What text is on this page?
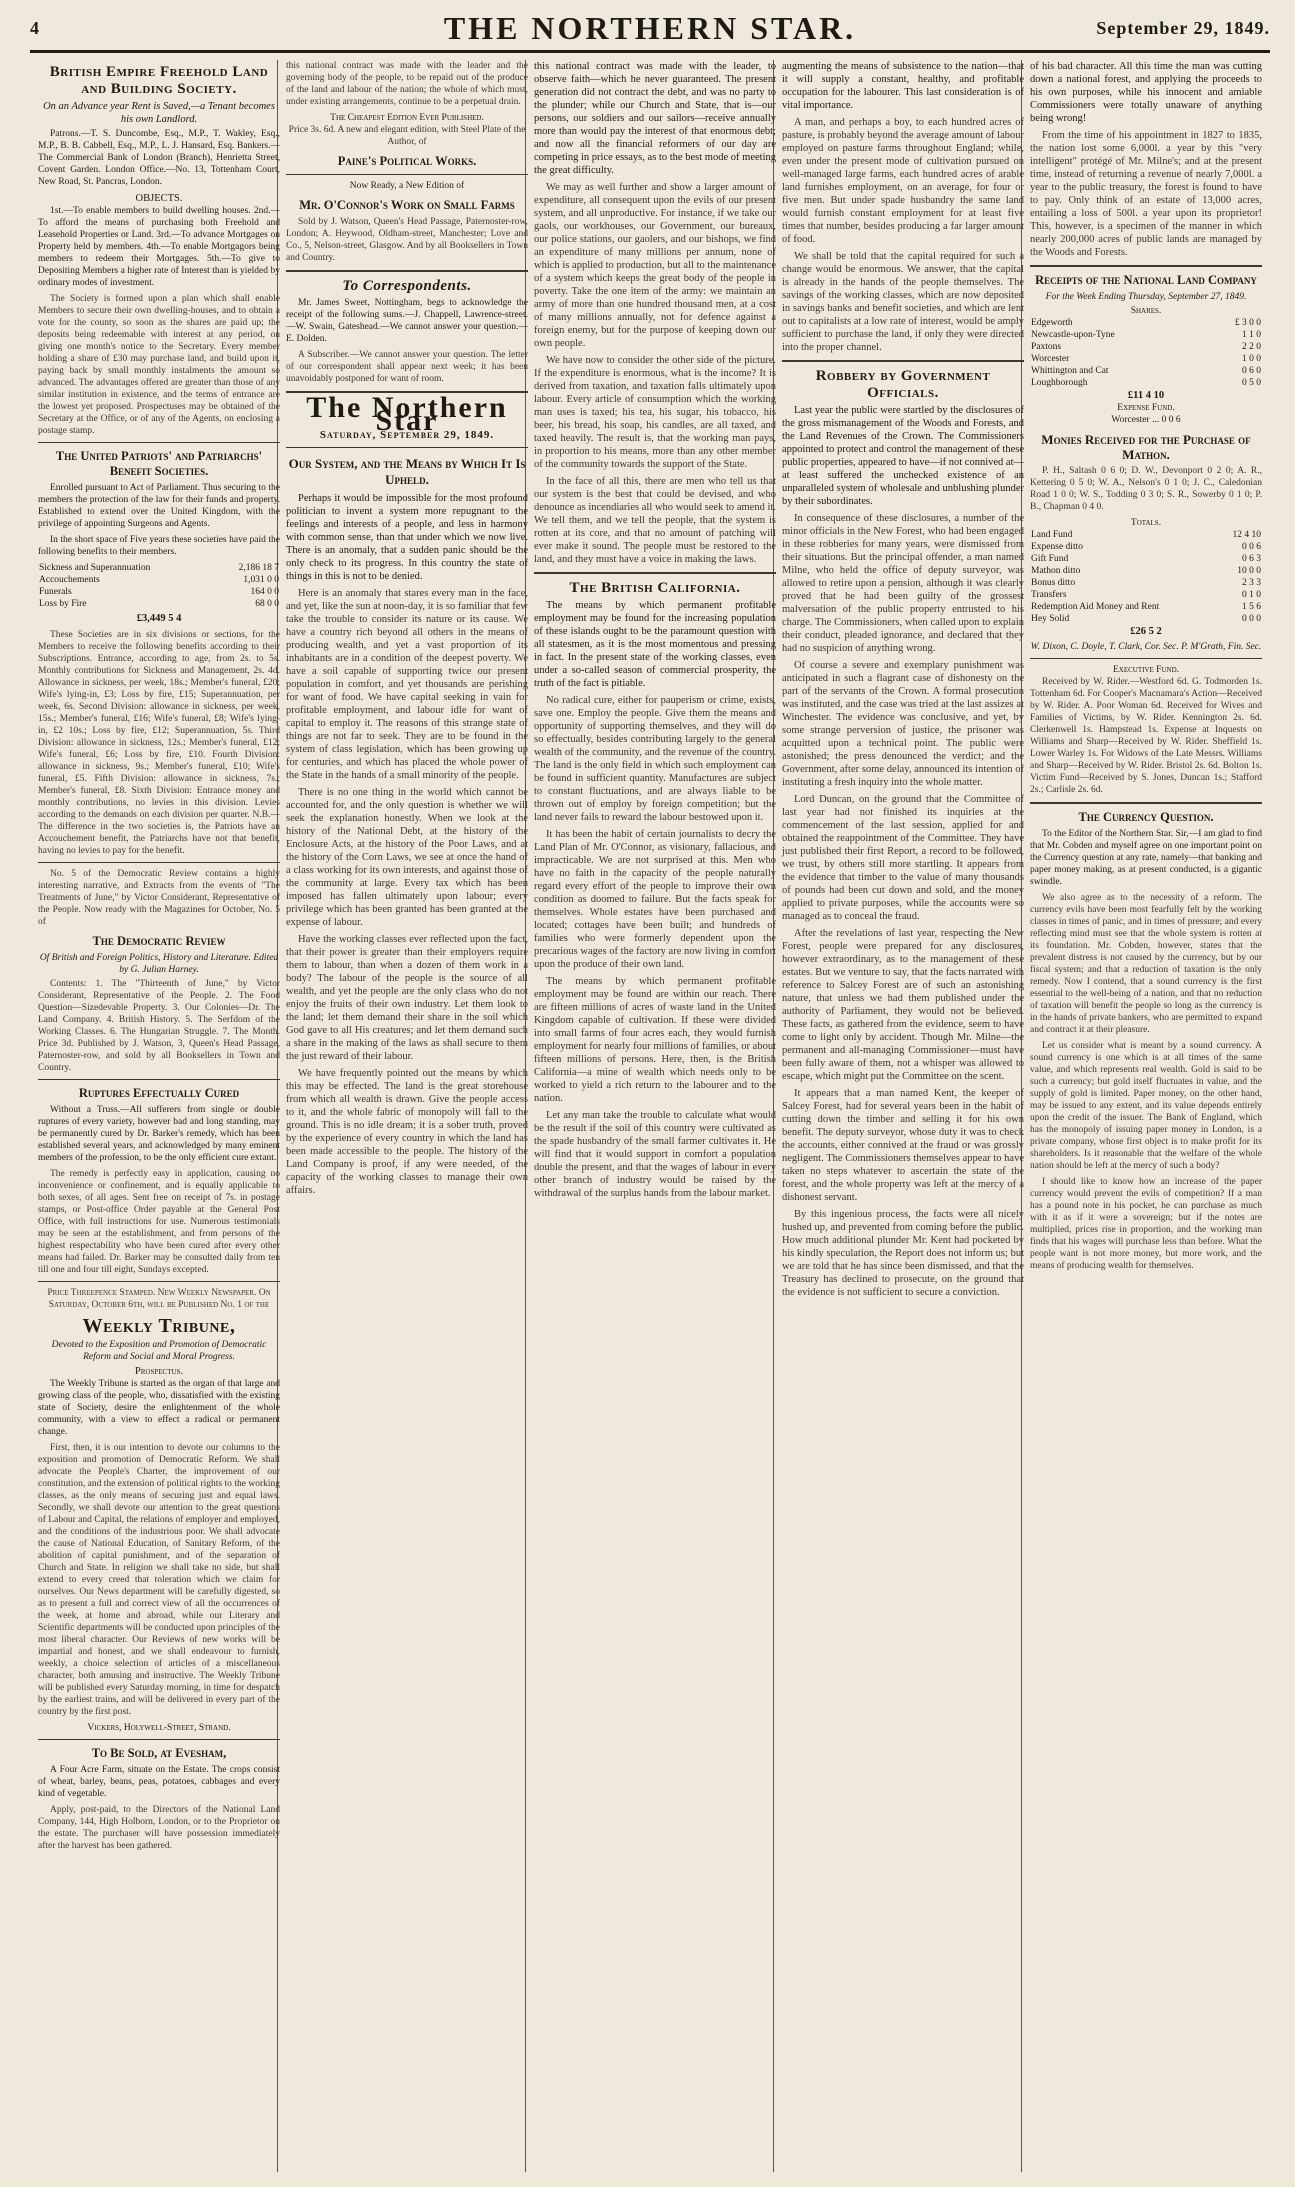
4	THE NORTHERN STAR.	September 29, 1849.
British Empire Freehold Land and Building Society.
On an Advance year Rent is Saved,—a Tenant becomes his own Landlord.
Patrons.—T. S. Duncombe, Esq., M.P., T. Wakley, Esq., M.P., B. B. Cabbell, Esq., M.P., L. J. Hansard, Esq. Bankers.—The Commercial Bank of London (Branch), Henrietta Street, Covent Garden. London Office.—No. 13, Tottenham Court, New Road, St. Pancras, London.
OBJECTS.
1st.—To enable members to build dwelling houses. 2nd.—To afford the means of purchasing both Freehold and Leasehold Properties or Land. 3rd.—To advance Mortgages on Property held by members. 4th.—To enable Mortgagors being members to redeem their Mortgages. 5th.—To give to Depositing Members a higher rate of Interest than is yielded by ordinary modes of investment.
The Society is formed upon a plan which shall enable Members to secure their own dwelling-houses, and to obtain a vote for the county, so soon as the shares are paid up; the deposits being redeemable with interest at any period, on giving one month's notice to the Secretary. Every member holding a share of £30 may purchase land, and build upon it, paying back by small monthly instalments the amount so advanced. The advantages offered are greater than those of any similar institution in existence, and the terms of entrance are the lowest yet proposed. Prospectuses may be obtained of the Secretary at the Office, or of any of the Agents, on enclosing a postage stamp.
The United Patriots' and Patriarchs' Benefit Societies.
Enrolled pursuant to Act of Parliament. Thus securing to the members the protection of the law for their funds and property. Established to extend over the United Kingdom, with the privilege of appointing Surgeons and Agents.
In the short space of Five years these societies have paid the following benefits to their members.
Sickness and Superannuation	2,186 18 7
Accouchements	1,031 0 0
Funerals	164 0 0
Loss by Fire	68 0 0
£3,449 5 4
These Societies are in six divisions or sections, for the Members to receive the following benefits according to their Subscriptions. Entrance, according to age, from 2s. to 5s. Monthly contributions for Sickness and Management, 2s. 4d. Allowance in sickness, per week, 18s.; Member's funeral, £20; Wife's lying-in, £3; Loss by fire, £15; Superannuation, per week, 6s. Second Division: allowance in sickness, per week, 15s.; Member's funeral, £16; Wife's funeral, £8; Wife's lying-in, £2 10s.; Loss by fire, £12; Superannuation, 5s. Third Division: allowance in sickness, 12s.; Member's funeral, £12; Wife's funeral, £6; Loss by fire, £10. Fourth Division: allowance in sickness, 9s.; Member's funeral, £10; Wife's funeral, £5. Fifth Division: allowance in sickness, 7s.; Member's funeral, £8. Sixth Division: Entrance money and monthly contributions, no levies in this division. Levies according to the demands on each division per quarter. N.B.—The difference in the two societies is, the Patriots have an Accouchement benefit, the Patriarchs have not that benefit, having no levies to pay for the benefit.
No. 5 of the Democratic Review contains a highly interesting narrative, and Extracts from the events of "The Treatments of June," by Victor Considerant, Representative of the People. Now ready with the Magazines for October, No. 5 of
The Democratic Review
Of British and Foreign Politics, History and Literature. Edited by G. Julian Harney.
Contents: 1. The "Thirteenth of June," by Victor Considerant, Representative of the People. 2. The Food Question—Sizedevable Property. 3. Our Colonies—Dr. The Land Company. 4. British History. 5. The Serfdom of the Working Classes. 6. The Hungarian Struggle. 7. The Month. Price 3d. Published by J. Watson, 3, Queen's Head Passage, Paternoster-row, and sold by all Booksellers in Town and Country.
Ruptures Effectually Cured
Without a Truss.—All sufferers from single or double ruptures of every variety, however bad and long standing, may be permanently cured by Dr. Barker's remedy, which has been established several years, and acknowledged by many eminent members of the profession, to be the only efficient cure extant.
The remedy is perfectly easy in application, causing no inconvenience or confinement, and is equally applicable to both sexes, of all ages. Sent free on receipt of 7s. in postage stamps, or Post-office Order payable at the General Post Office, with full instructions for use. Numerous testimonials may be seen at the establishment, and from persons of the highest respectability who have been cured after every other means had failed. Dr. Barker may be consulted daily from ten till one and four till eight, Sundays excepted.
Price Threepence Stamped. New Weekly Newspaper. On Saturday, October 6th, will be Published No. 1 of the
Weekly Tribune,
Devoted to the Exposition and Promotion of Democratic Reform and Social and Moral Progress.
Prospectus.
The Weekly Tribune is started as the organ of that large and growing class of the people, who, dissatisfied with the existing state of Society, desire the enlightenment of the whole community, with a view to effect a radical or permanent change.
First, then, it is our intention to devote our columns to the exposition and promotion of Democratic Reform. We shall advocate the People's Charter, the improvement of our constitution, and the extension of political rights to the working classes, as the only means of securing just and equal laws. Secondly, we shall devote our attention to the great questions of Labour and Capital, the relations of employer and employed, and the conditions of the industrious poor. We shall advocate the cause of National Education, of Sanitary Reform, of the abolition of capital punishment, and of the separation of Church and State. In religion we shall take no side, but shall extend to every creed that toleration which we claim for ourselves. Our News department will be carefully digested, so as to present a full and correct view of all the occurrences of the week, at home and abroad, while our Literary and Scientific departments will be conducted upon principles of the most liberal character. Our Reviews of new works will be impartial and honest, and we shall endeavour to furnish, weekly, a choice selection of articles of a miscellaneous character, both amusing and instructive. The Weekly Tribune will be published every Saturday morning, in time for despatch by the earliest trains, and will be delivered in every part of the country by the first post.
Vickers, Holywell-Street, Strand.
To Be Sold, at Evesham,
A Four Acre Farm, situate on the Estate. The crops consist of wheat, barley, beans, peas, potatoes, cabbages and every kind of vegetable.
Apply, post-paid, to the Directors of the National Land Company, 144, High Holborn, London, or to the Proprietor on the estate. The purchaser will have possession immediately after the harvest has been gathered.
this national contract was made with the leader and the governing body of the people, to be repaid out of the produce of the land and labour of the nation; the whole of which must, under existing arrangements, continue to be a perpetual drain.
The Cheapest Edition Ever Published.
Price 3s. 6d. A new and elegant edition, with Steel Plate of the Author, of
Paine's Political Works.
Now Ready, a New Edition of
Mr. O'Connor's Work on Small Farms
Sold by J. Watson, Queen's Head Passage, Paternoster-row, London; A. Heywood, Oldham-street, Manchester; Love and Co., 5, Nelson-street, Glasgow. And by all Booksellers in Town and Country.
To Correspondents.
Mr. James Sweet, Nottingham, begs to acknowledge the receipt of the following sums.—J. Chappell, Lawrence-street.—W. Swain, Gateshead.—We cannot answer your question.—E. Dolden.
A Subscriber.—We cannot answer your question. The letter of our correspondent shall appear next week; it has been unavoidably postponed for want of room.
The Northern Star
Saturday, September 29, 1849.
Our System, and the Means by Which It Is Upheld.
Perhaps it would be impossible for the most profound politician to invent a system more repugnant to the feelings and interests of a people, and less in harmony with common sense, than that under which we now live. There is an anomaly, that a sudden panic should be the only check to its progress. In this country the state of things in this is not to be denied.
Here is an anomaly that stares every man in the face, and yet, like the sun at noon-day, it is so familiar that few take the trouble to consider its nature or its cause. We have a country rich beyond all others in the means of producing wealth, and yet a vast proportion of its inhabitants are in a condition of the deepest poverty. We have a soil capable of supporting twice our present population in comfort, and yet thousands are perishing for want of food. We have capital seeking in vain for profitable employment, and labour idle for want of capital to employ it. The reasons of this strange state of things are not far to seek. They are to be found in the system of class legislation, which has been growing up for centuries, and which has placed the whole power of the State in the hands of a small minority of the people.
There is no one thing in the world which cannot be accounted for, and the only question is whether we will seek the explanation honestly. When we look at the history of the National Debt, at the history of the Enclosure Acts, at the history of the Poor Laws, and at the history of the Corn Laws, we see at once the hand of a class working for its own interests, and against those of the community at large. Every tax which has been imposed has fallen ultimately upon labour; every privilege which has been granted has been granted at the expense of labour.
Have the working classes ever reflected upon the fact, that their power is greater than their employers require them to labour, than when a dozen of them work in a body? The labour of the people is the source of all wealth, and yet the people are the only class who do not enjoy the fruits of their own industry. Let them look to the land; let them demand their share in the soil which God gave to all His creatures; and let them demand such a share in the making of the laws as shall secure to them the just reward of their labour.
We have frequently pointed out the means by which this may be effected. The land is the great storehouse from which all wealth is drawn. Give the people access to it, and the whole fabric of monopoly will fall to the ground. This is no idle dream; it is a sober truth, proved by the experience of every country in which the land has been made accessible to the people. The history of the Land Company is proof, if any were needed, of the capacity of the working classes to manage their own affairs.
this national contract was made with the leader, to observe faith—which he never guaranteed. The present generation did not contract the debt, and was no party to the plunder; while our Church and State, that is—our persons, our soldiers and our sailors—receive annually more than would pay the interest of that enormous debt; and now all the financial reformers of our day are competing in price essays, as to the best mode of meeting the great difficulty.
We may as well further and show a larger amount of expenditure, all consequent upon the evils of our present system, and all unproductive. For instance, if we take our gaols, our workhouses, our Government, our bureaux, our police stations, our gaolers, and our bishops, we find an expenditure of many millions per annum, none of which is applied to production, but all to the maintenance of a system which keeps the great body of the people in poverty. Take the one item of the army: we maintain an army of more than one hundred thousand men, at a cost of many millions annually, not for defence against a foreign enemy, but for the purpose of keeping down our own people.
We have now to consider the other side of the picture. If the expenditure is enormous, what is the income? It is derived from taxation, and taxation falls ultimately upon labour. Every article of consumption which the working man uses is taxed; his tea, his sugar, his tobacco, his beer, his bread, his soap, his candles, are all taxed, and taxed heavily. The result is, that the working man pays, in proportion to his means, more than any other member of the community towards the support of the State.
In the face of all this, there are men who tell us that our system is the best that could be devised, and who denounce as incendiaries all who would seek to amend it. We tell them, and we tell the people, that the system is rotten at its core, and that no amount of patching will ever make it sound. The people must be restored to the land, and they must have a voice in making the laws.
The British California.
The means by which permanent profitable employment may be found for the increasing population of these islands ought to be the paramount question with all statesmen, as it is the most momentous and pressing in fact. In the present state of the working classes, even under a so-called season of commercial prosperity, the truth of the fact is pitiable.
No radical cure, either for pauperism or crime, exists, save one. Employ the people. Give them the means and opportunity of supporting themselves, and they will do so effectually, besides contributing largely to the general wealth of the community, and the revenue of the country. The land is the only field in which such employment can be found in sufficient quantity. Manufactures are subject to constant fluctuations, and are always liable to be thrown out of employ by foreign competition; but the land never fails to reward the labour bestowed upon it.
It has been the habit of certain journalists to decry the Land Plan of Mr. O'Connor, as visionary, fallacious, and impracticable. We are not surprised at this. Men who have no faith in the capacity of the people naturally regard every effort of the people to improve their own condition as doomed to failure. But the facts speak for themselves. Whole estates have been purchased and located; cottages have been built; and hundreds of families who were formerly dependent upon the precarious wages of the factory are now living in comfort upon the produce of their own land.
The means by which permanent profitable employment may be found are within our reach. There are fifteen millions of acres of waste land in the United Kingdom capable of cultivation. If these were divided into small farms of four acres each, they would furnish employment for nearly four millions of families, or about fifteen millions of persons. Here, then, is the British California—a mine of wealth which needs only to be worked to yield a rich return to the labourer and to the nation.
Let any man take the trouble to calculate what would be the result if the soil of this country were cultivated as the spade husbandry of the small farmer cultivates it. He will find that it would support in comfort a population double the present, and that the wages of labour in every other branch of industry would be raised by the withdrawal of the surplus hands from the labour market.
augmenting the means of subsistence to the nation—that it will supply a constant, healthy, and profitable occupation for the labourer. This last consideration is of vital importance.
A man, and perhaps a boy, to each hundred acres of pasture, is probably beyond the average amount of labour employed on pasture farms throughout England; while, even under the present mode of cultivation pursued on well-managed large farms, each hundred acres of arable land furnishes employment, on an average, for four or five men. But under spade husbandry the same land would furnish constant employment for at least five times that number, besides producing a far larger amount of food.
We shall be told that the capital required for such a change would be enormous. We answer, that the capital is already in the hands of the people themselves. The savings of the working classes, which are now deposited in savings banks and benefit societies, and which are lent out to capitalists at a low rate of interest, would be amply sufficient to purchase the land, if only they were directed into the proper channel.
Robbery by Government Officials.
Last year the public were startled by the disclosures of the gross mismanagement of the Woods and Forests, and the Land Revenues of the Crown. The Commissioners appointed to protect and control the management of these public properties, appeared to have—if not connived at—at least suffered the unchecked existence of an unparalleled system of wholesale and unblushing plunder by their subordinates.
In consequence of these disclosures, a number of the minor officials in the New Forest, who had been engaged in these robberies for many years, were dismissed from their situations. But the principal offender, a man named Milne, who held the office of deputy surveyor, was allowed to retire upon a pension, although it was clearly proved that he had been guilty of the grossest malversation of the public property entrusted to his charge. The Commissioners, when called upon to explain their conduct, pleaded ignorance, and declared that they had no suspicion of anything wrong.
Of course a severe and exemplary punishment was anticipated in such a flagrant case of dishonesty on the part of the servants of the Crown. A formal prosecution was instituted, and the case was tried at the last assizes at Winchester. The evidence was conclusive, and yet, by some strange perversion of justice, the prisoner was acquitted upon a technical point. The public were astonished; the press denounced the verdict; and the Government, after some delay, announced its intention of instituting a fresh inquiry into the whole matter.
Lord Duncan, on the ground that the Committee of last year had not finished its inquiries at the commencement of the last session, applied for and obtained the reappointment of the Committee. They have just published their first Report, a record to be followed, we trust, by others still more startling. It appears from the evidence that timber to the value of many thousands of pounds had been cut down and sold, and the money applied to private purposes, while the accounts were so managed as to conceal the fraud.
After the revelations of last year, respecting the New Forest, people were prepared for any disclosures, however extraordinary, as to the management of these estates. But we venture to say, that the facts narrated with reference to Salcey Forest are of such an astonishing nature, that unless we had them published under the authority of Parliament, they would not be believed. These facts, as gathered from the evidence, seem to have come to light only by accident. Though Mr. Milne—the permanent and all-managing Commissioner—must have been fully aware of them, not a whisper was allowed to escape, which might put the Committee on the scent.
It appears that a man named Kent, the keeper of Salcey Forest, had for several years been in the habit of cutting down the timber and selling it for his own benefit. The deputy surveyor, whose duty it was to check the accounts, either connived at the fraud or was grossly negligent. The Commissioners themselves appear to have taken no steps whatever to ascertain the state of the forest, and the whole property was left at the mercy of a dishonest servant.
By this ingenious process, the facts were all nicely hushed up, and prevented from coming before the public. How much additional plunder Mr. Kent had pocketed by his kindly speculation, the Report does not inform us; but we are told that he has since been dismissed, and that the Treasury has declined to prosecute, on the ground that the evidence is not sufficient to secure a conviction.
of his bad character. All this time the man was cutting down a national forest, and applying the proceeds to his own purposes, while his innocent and amiable Commissioners were totally unaware of anything being wrong!
From the time of his appointment in 1827 to 1835, the nation lost some 6,000l. a year by this "very intelligent" protégé of Mr. Milne's; and at the present time, instead of returning a revenue of nearly 7,000l. a year to the public treasury, the forest is found to have to pay. Only think of an estate of 13,000 acres, entailing a loss of 500l. a year upon its proprietor! This, however, is a specimen of the manner in which nearly 200,000 acres of public lands are managed by the Woods and Forests.
Receipts of the National Land Company
For the Week Ending Thursday, September 27, 1849.
Shares.
Edgeworth	£ 3 0 0
Newcastle-upon-Tyne	1 1 0
Paxtons	2 2 0
Worcester	1 0 0
Whittington and Cat	0 6 0
Loughborough	0 5 0
£11 4 10
Expense Fund.
Worcester ... 0 0 6
Monies Received for the Purchase of Mathon.
P. H., Saltash 0 6 0; D. W., Devonport 0 2 0; A. R., Kettering 0 5 0; W. A., Nelson's 0 1 0; J. C., Caledonian Road 1 0 0; W. S., Todding 0 3 0; S. R., Sowerby 0 1 0; P. B., Chapman 0 4 0.
Totals.
Land Fund	12 4 10
Expense ditto	0 0 6
Gift Fund	0 6 3
Mathon ditto	10 0 0
Bonus ditto	2 3 3
Transfers	0 1 0
Redemption Aid Money and Rent	1 5 6
Hey Solid	0 0 0
£26 5 2
W. Dixon, C. Doyle, T. Clark, Cor. Sec. P. M'Grath, Fin. Sec.
Executive Fund.
Received by W. Rider.—Westford 6d. G. Todmorden 1s. Tottenham 6d. For Cooper's Macnamara's Action—Received by W. Rider. A. Poor Woman 6d. Received for Wives and Families of Victims, by W. Rider. Kennington 2s. 6d. Clerkenwell 1s. Hampstead 1s. Expense at Inquests on Williams and Sharp—Received by W. Rider. Sheffield 1s. Lower Warley 1s. For Widows of the Late Messrs. Williams and Sharp—Received by W. Rider. Bristol 2s. 6d. Bolton 1s. Victim Fund—Received by S. Jones, Duncan 1s.; Stafford 2s.; Carlisle 2s. 6d.
The Currency Question.
To the Editor of the Northern Star. Sir,—I am glad to find that Mr. Cobden and myself agree on one important point on the Currency question at any rate, namely—that banking and paper money making, as at present conducted, is a gigantic swindle.
We also agree as to the necessity of a reform. The currency evils have been most fearfully felt by the working classes in times of panic, and in times of pressure; and every reflecting mind must see that the whole system is rotten at its foundation. Mr. Cobden, however, states that the prevalent distress is not caused by the currency, but by our fiscal system; and that a reduction of taxation is the only remedy. Now I contend, that a sound currency is the first essential to the well-being of a nation, and that no reduction of taxation will benefit the people so long as the currency is in the hands of private bankers, who are permitted to expand and contract it at their pleasure.
Let us consider what is meant by a sound currency. A sound currency is one which is at all times of the same value, and which represents real wealth. Gold is said to be such a currency; but gold itself fluctuates in value, and the supply of gold is limited. Paper money, on the other hand, may be issued to any extent, and its value depends entirely upon the credit of the issuer. The Bank of England, which has the monopoly of issuing paper money in London, is a private company, whose first object is to make profit for its shareholders. Is it reasonable that the welfare of the whole nation should be left at the mercy of such a body?
I should like to know how an increase of the paper currency would prevent the evils of competition? If a man has a pound note in his pocket, he can purchase as much with it as if it were a sovereign; but if the notes are multiplied, prices rise in proportion, and the working man finds that his wages will purchase less than before. What the people want is not more money, but more work, and the means of producing wealth for themselves.
